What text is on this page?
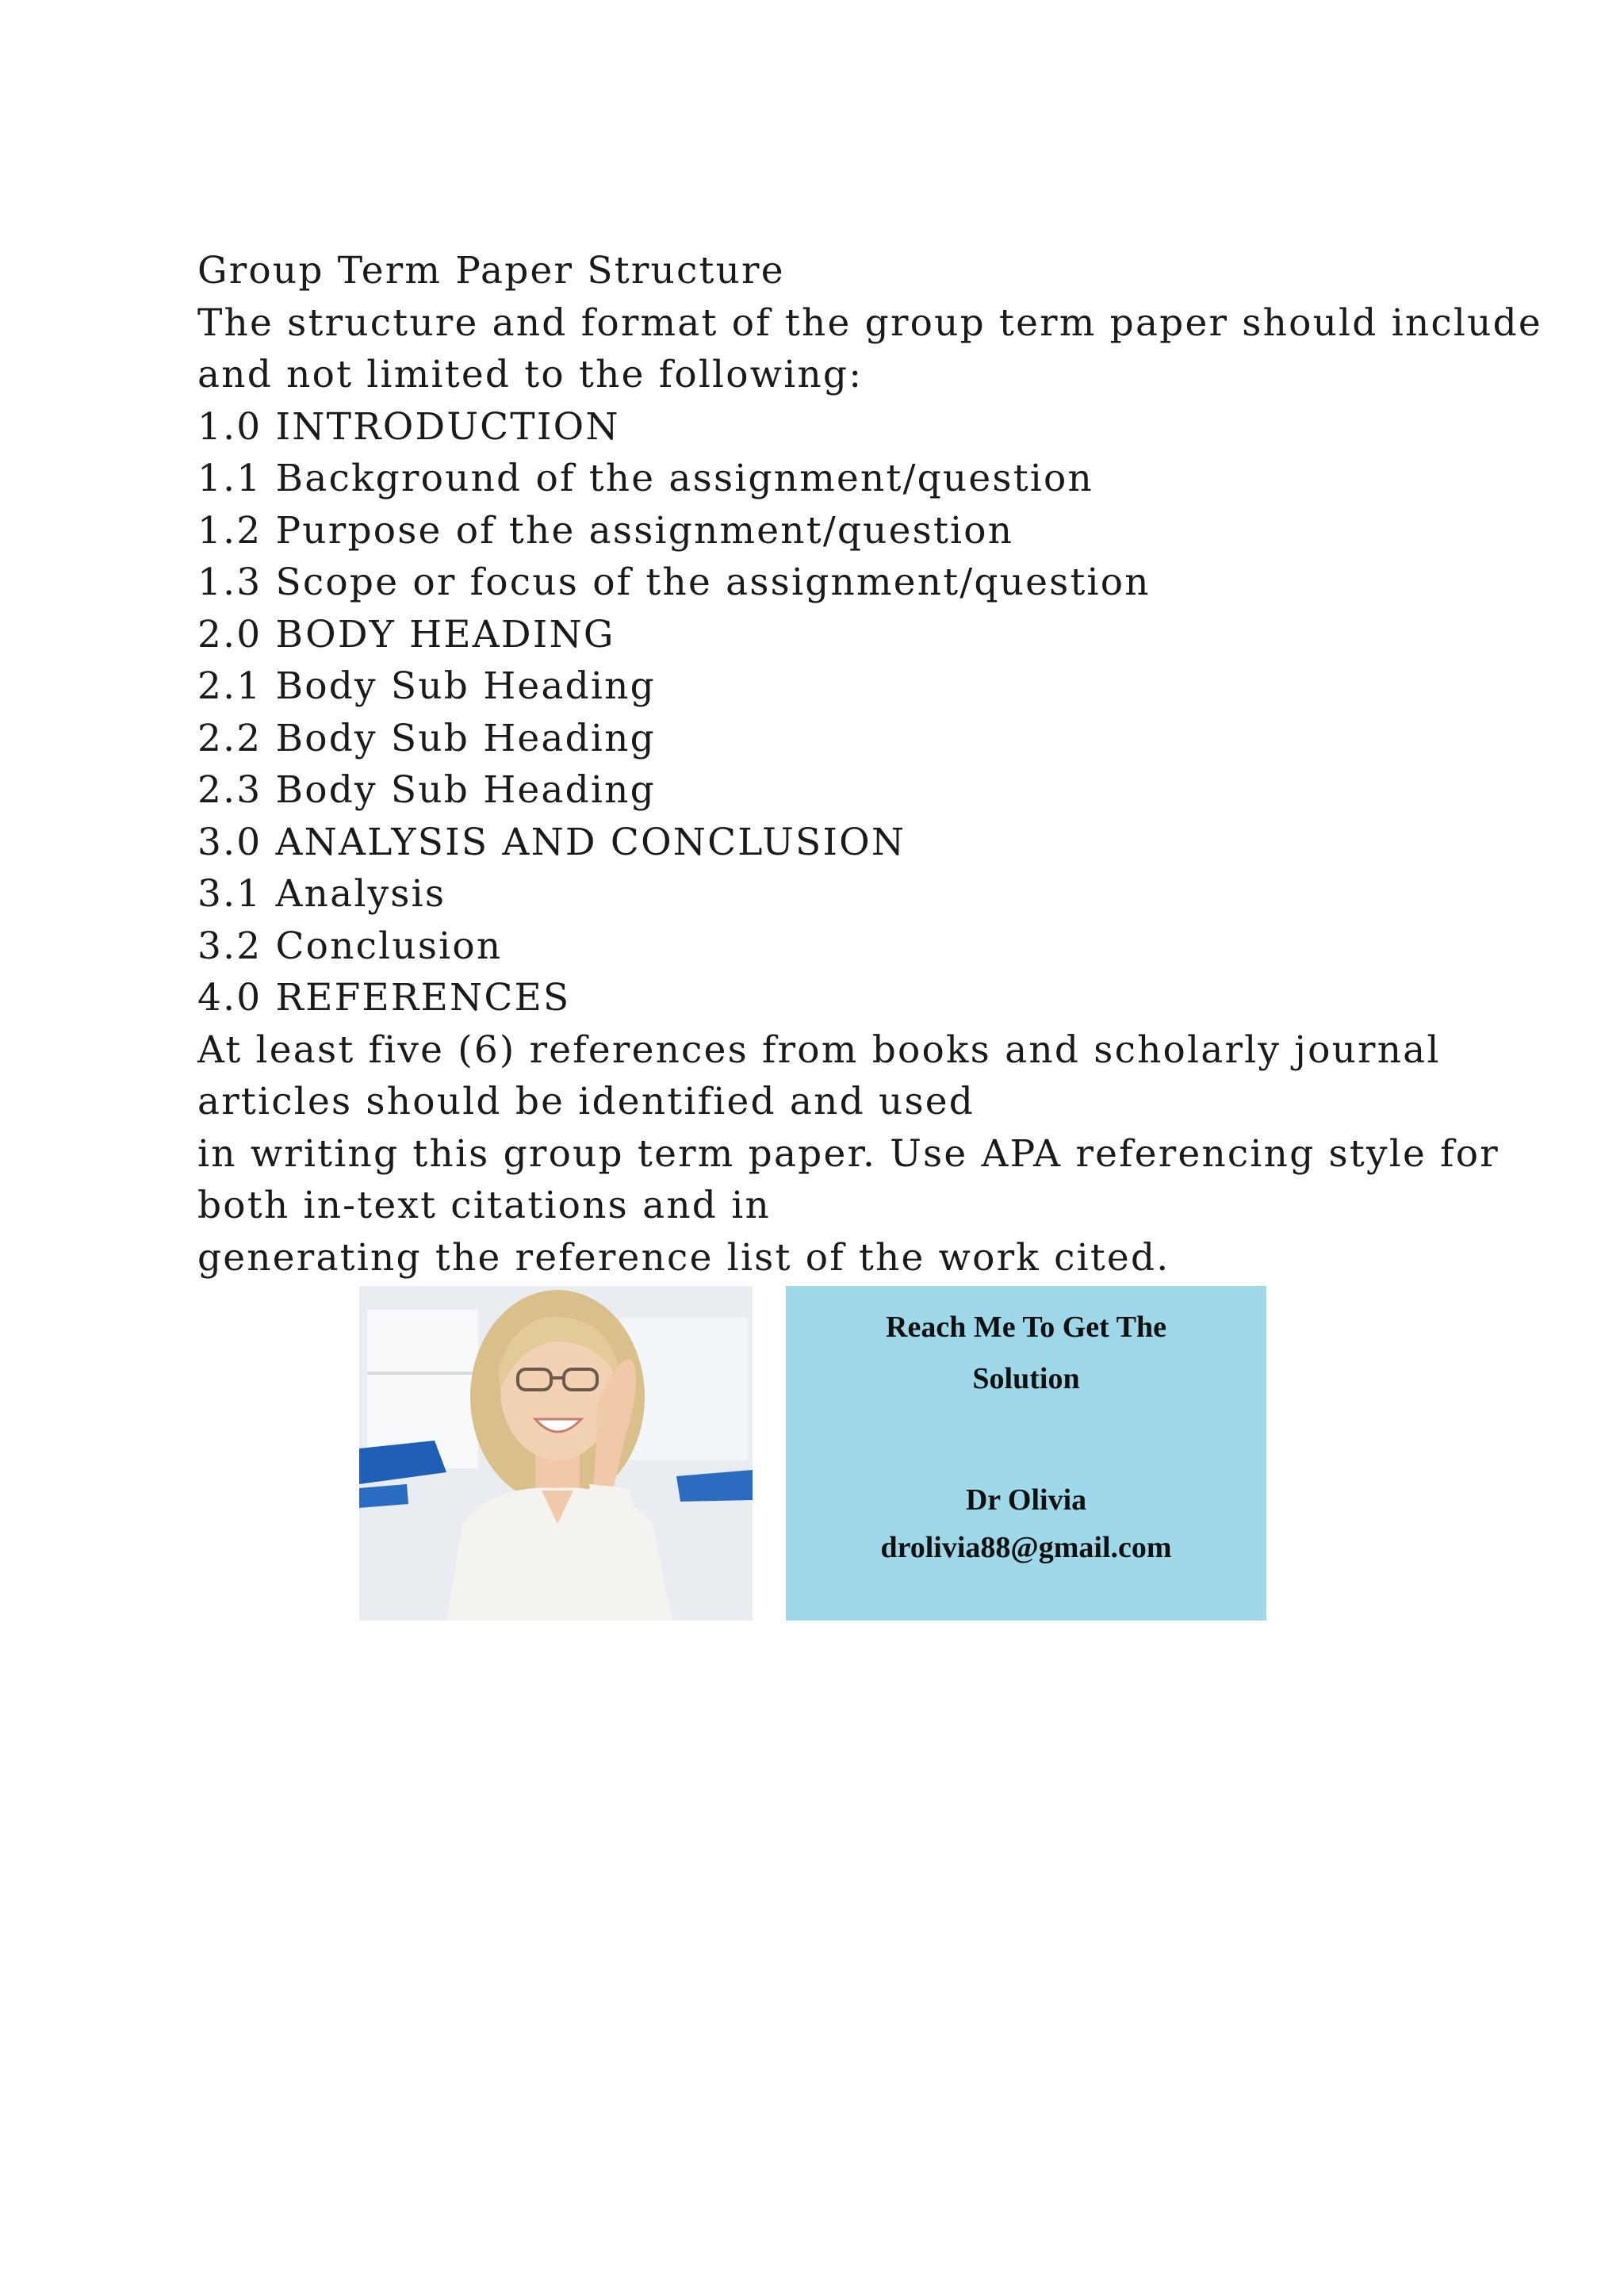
Group Term Paper Structure
The structure and format of the group term paper should include
and not limited to the following:
1.0 INTRODUCTION
1.1 Background of the assignment/question
1.2 Purpose of the assignment/question
1.3 Scope or focus of the assignment/question
2.0 BODY HEADING
2.1 Body Sub Heading
2.2 Body Sub Heading
2.3 Body Sub Heading
3.0 ANALYSIS AND CONCLUSION
3.1 Analysis
3.2 Conclusion
4.0 REFERENCES
At least five (6) references from books and scholarly journal
articles should be identified and used
in writing this group term paper. Use APA referencing style for
both in-text citations and in
generating the reference list of the work cited.
Reach Me To Get The
Solution
Dr Olivia
drolivia88@gmail.com
